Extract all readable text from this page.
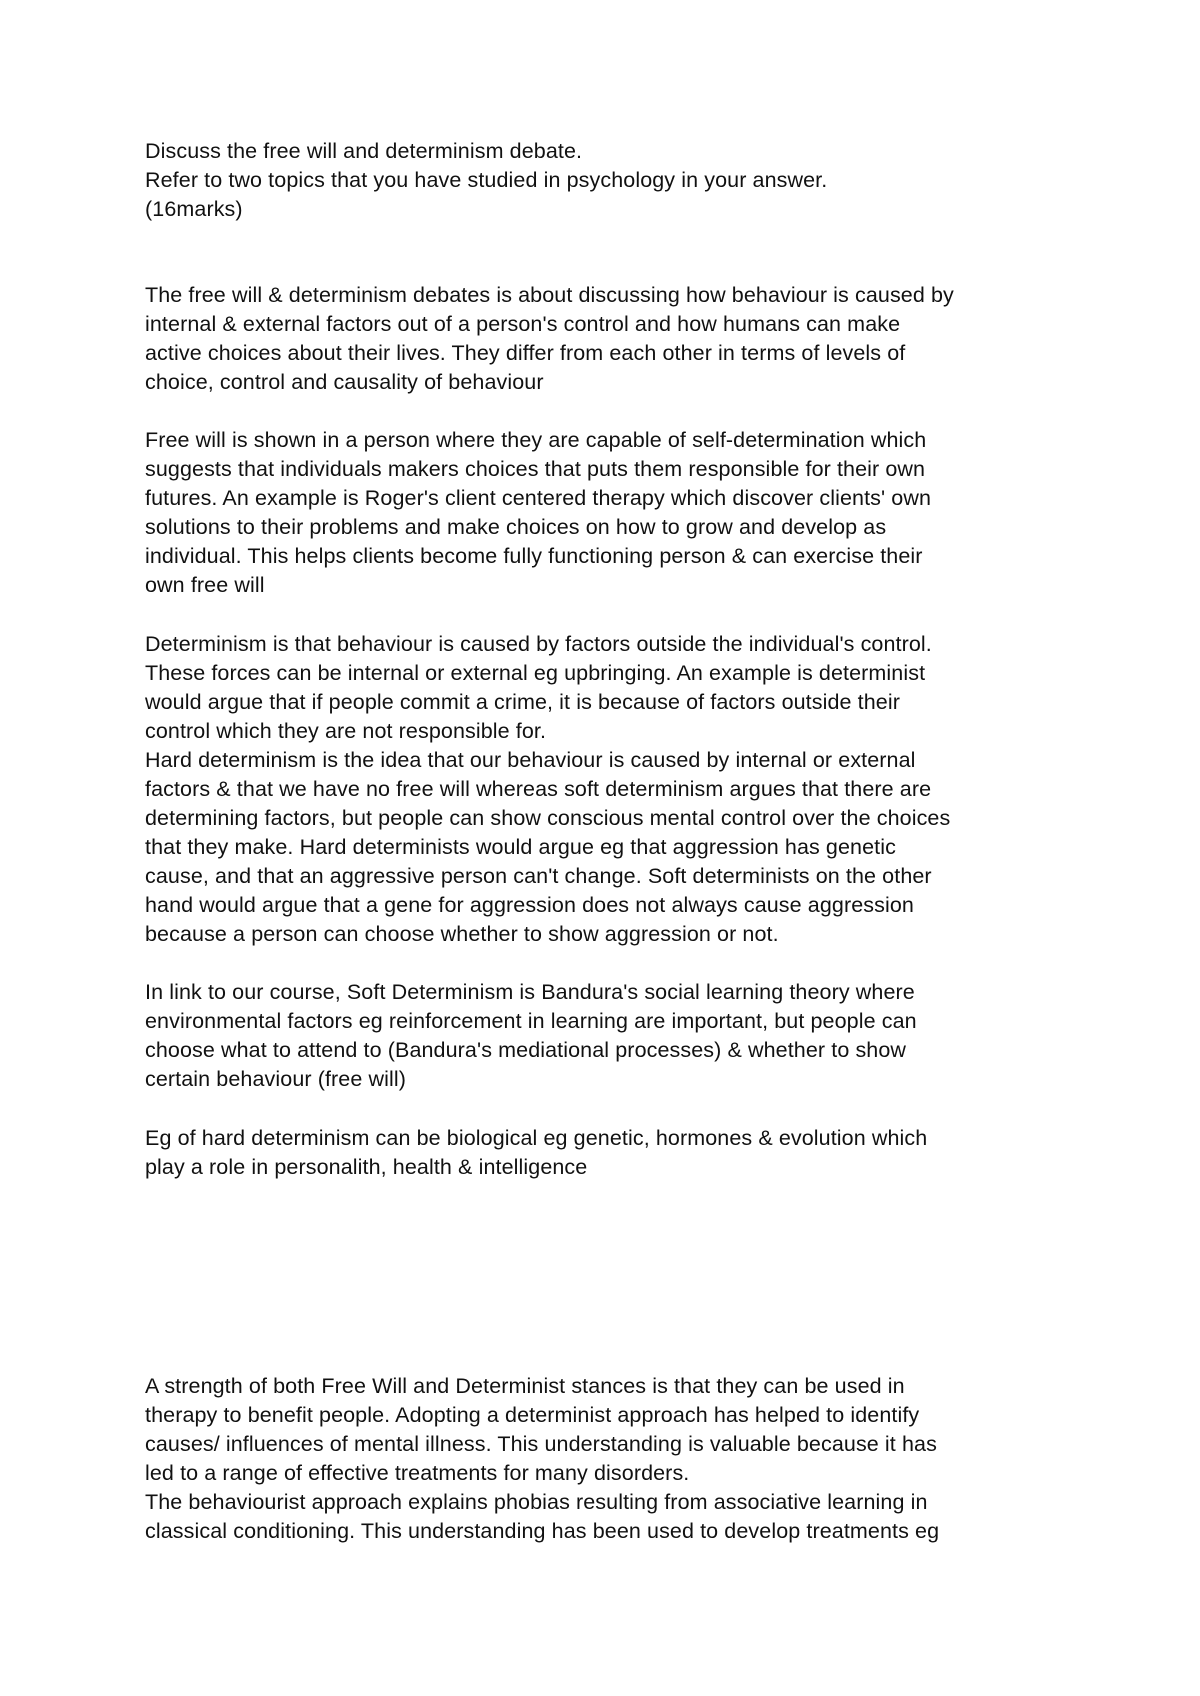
Discuss the free will and determinism debate.
Refer to two topics that you have studied in psychology in your answer.
(16marks)
The free will & determinism debates is about discussing how behaviour is caused by
internal & external factors out of a person's control and how humans can make
active choices about their lives. They differ from each other in terms of levels of
choice, control and causality of behaviour
Free will is shown in a person where they are capable of self-determination which
suggests that individuals makers choices that puts them responsible for their own
futures. An example is Roger's client centered therapy which discover clients' own
solutions to their problems and make choices on how to grow and develop as
individual. This helps clients become fully functioning person & can exercise their
own free will
Determinism is that behaviour is caused by factors outside the individual's control.
These forces can be internal or external eg upbringing. An example is determinist
would argue that if people commit a crime, it is because of factors outside their
control which they are not responsible for.
Hard determinism is the idea that our behaviour is caused by internal or external
factors & that we have no free will whereas soft determinism argues that there are
determining factors, but people can show conscious mental control over the choices
that they make. Hard determinists would argue eg that aggression has genetic
cause, and that an aggressive person can't change. Soft determinists on the other
hand would argue that a gene for aggression does not always cause aggression
because a person can choose whether to show aggression or not.
In link to our course, Soft Determinism is Bandura's social learning theory where
environmental factors eg reinforcement in learning are important, but people can
choose what to attend to (Bandura's mediational processes) & whether to show
certain behaviour (free will)
Eg of hard determinism can be biological eg genetic, hormones & evolution which
play a role in personalith, health & intelligence
A strength of both Free Will and Determinist stances is that they can be used in
therapy to benefit people. Adopting a determinist approach has helped to identify
causes/ influences of mental illness. This understanding is valuable because it has
led to a range of effective treatments for many disorders.
The behaviourist approach explains phobias resulting from associative learning in
classical conditioning. This understanding has been used to develop treatments eg
